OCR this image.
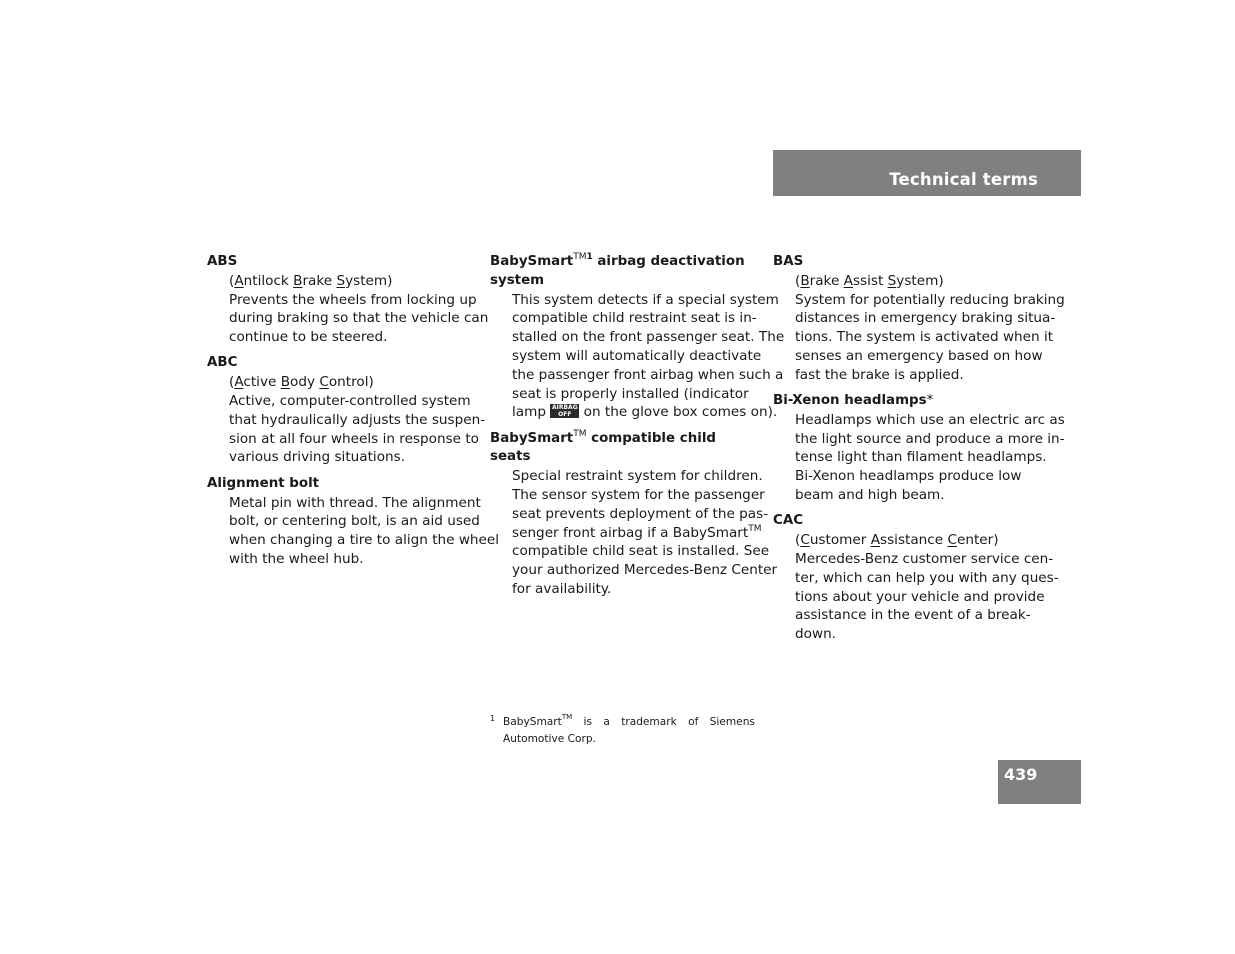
Technical terms
ABS
(Antilock Brake System)
Prevents the wheels from locking up
during braking so that the vehicle can
continue to be steered.
ABC
(Active Body Control)
Active, computer-controlled system
that hydraulically adjusts the suspen-
sion at all four wheels in response to
various driving situations.
Alignment bolt
Metal pin with thread. The alignment
bolt, or centering bolt, is an aid used
when changing a tire to align the wheel
with the wheel hub.
BabySmart$^{TM1}$ airbag deactivation
system
This system detects if a special system
compatible child restraint seat is in-
stalled on the front passenger seat. The
system will automatically deactivate
the passenger front airbag when such a
seat is properly installed (indicator
lamp AIRBAG
OFF on the glove box comes on).
BabySmart™ compatible child seats
Special restraint system for children.
The sensor system for the passenger
seat prevents deployment of the pas-
senger front airbag if a BabySmart™
compatible child seat is installed. See
your authorized Mercedes-Benz Center
for availability.
BAS
(Brake Assist System)
System for potentially reducing braking
distances in emergency braking situa-
tions. The system is activated when it
senses an emergency based on how
fast the brake is applied.
Bi-Xenon headlamps*
Headlamps which use an electric arc as
the light source and produce a more in-
tense light than filament headlamps.
Bi-Xenon headlamps produce low
beam and high beam.
CAC
(Customer Assistance Center)
Mercedes-Benz customer service cen-
ter, which can help you with any ques-
tions about your vehicle and provide
assistance in the event of a break-
down.
1 BabySmart™ is a trademark of Siemens
Automotive Corp.
439
